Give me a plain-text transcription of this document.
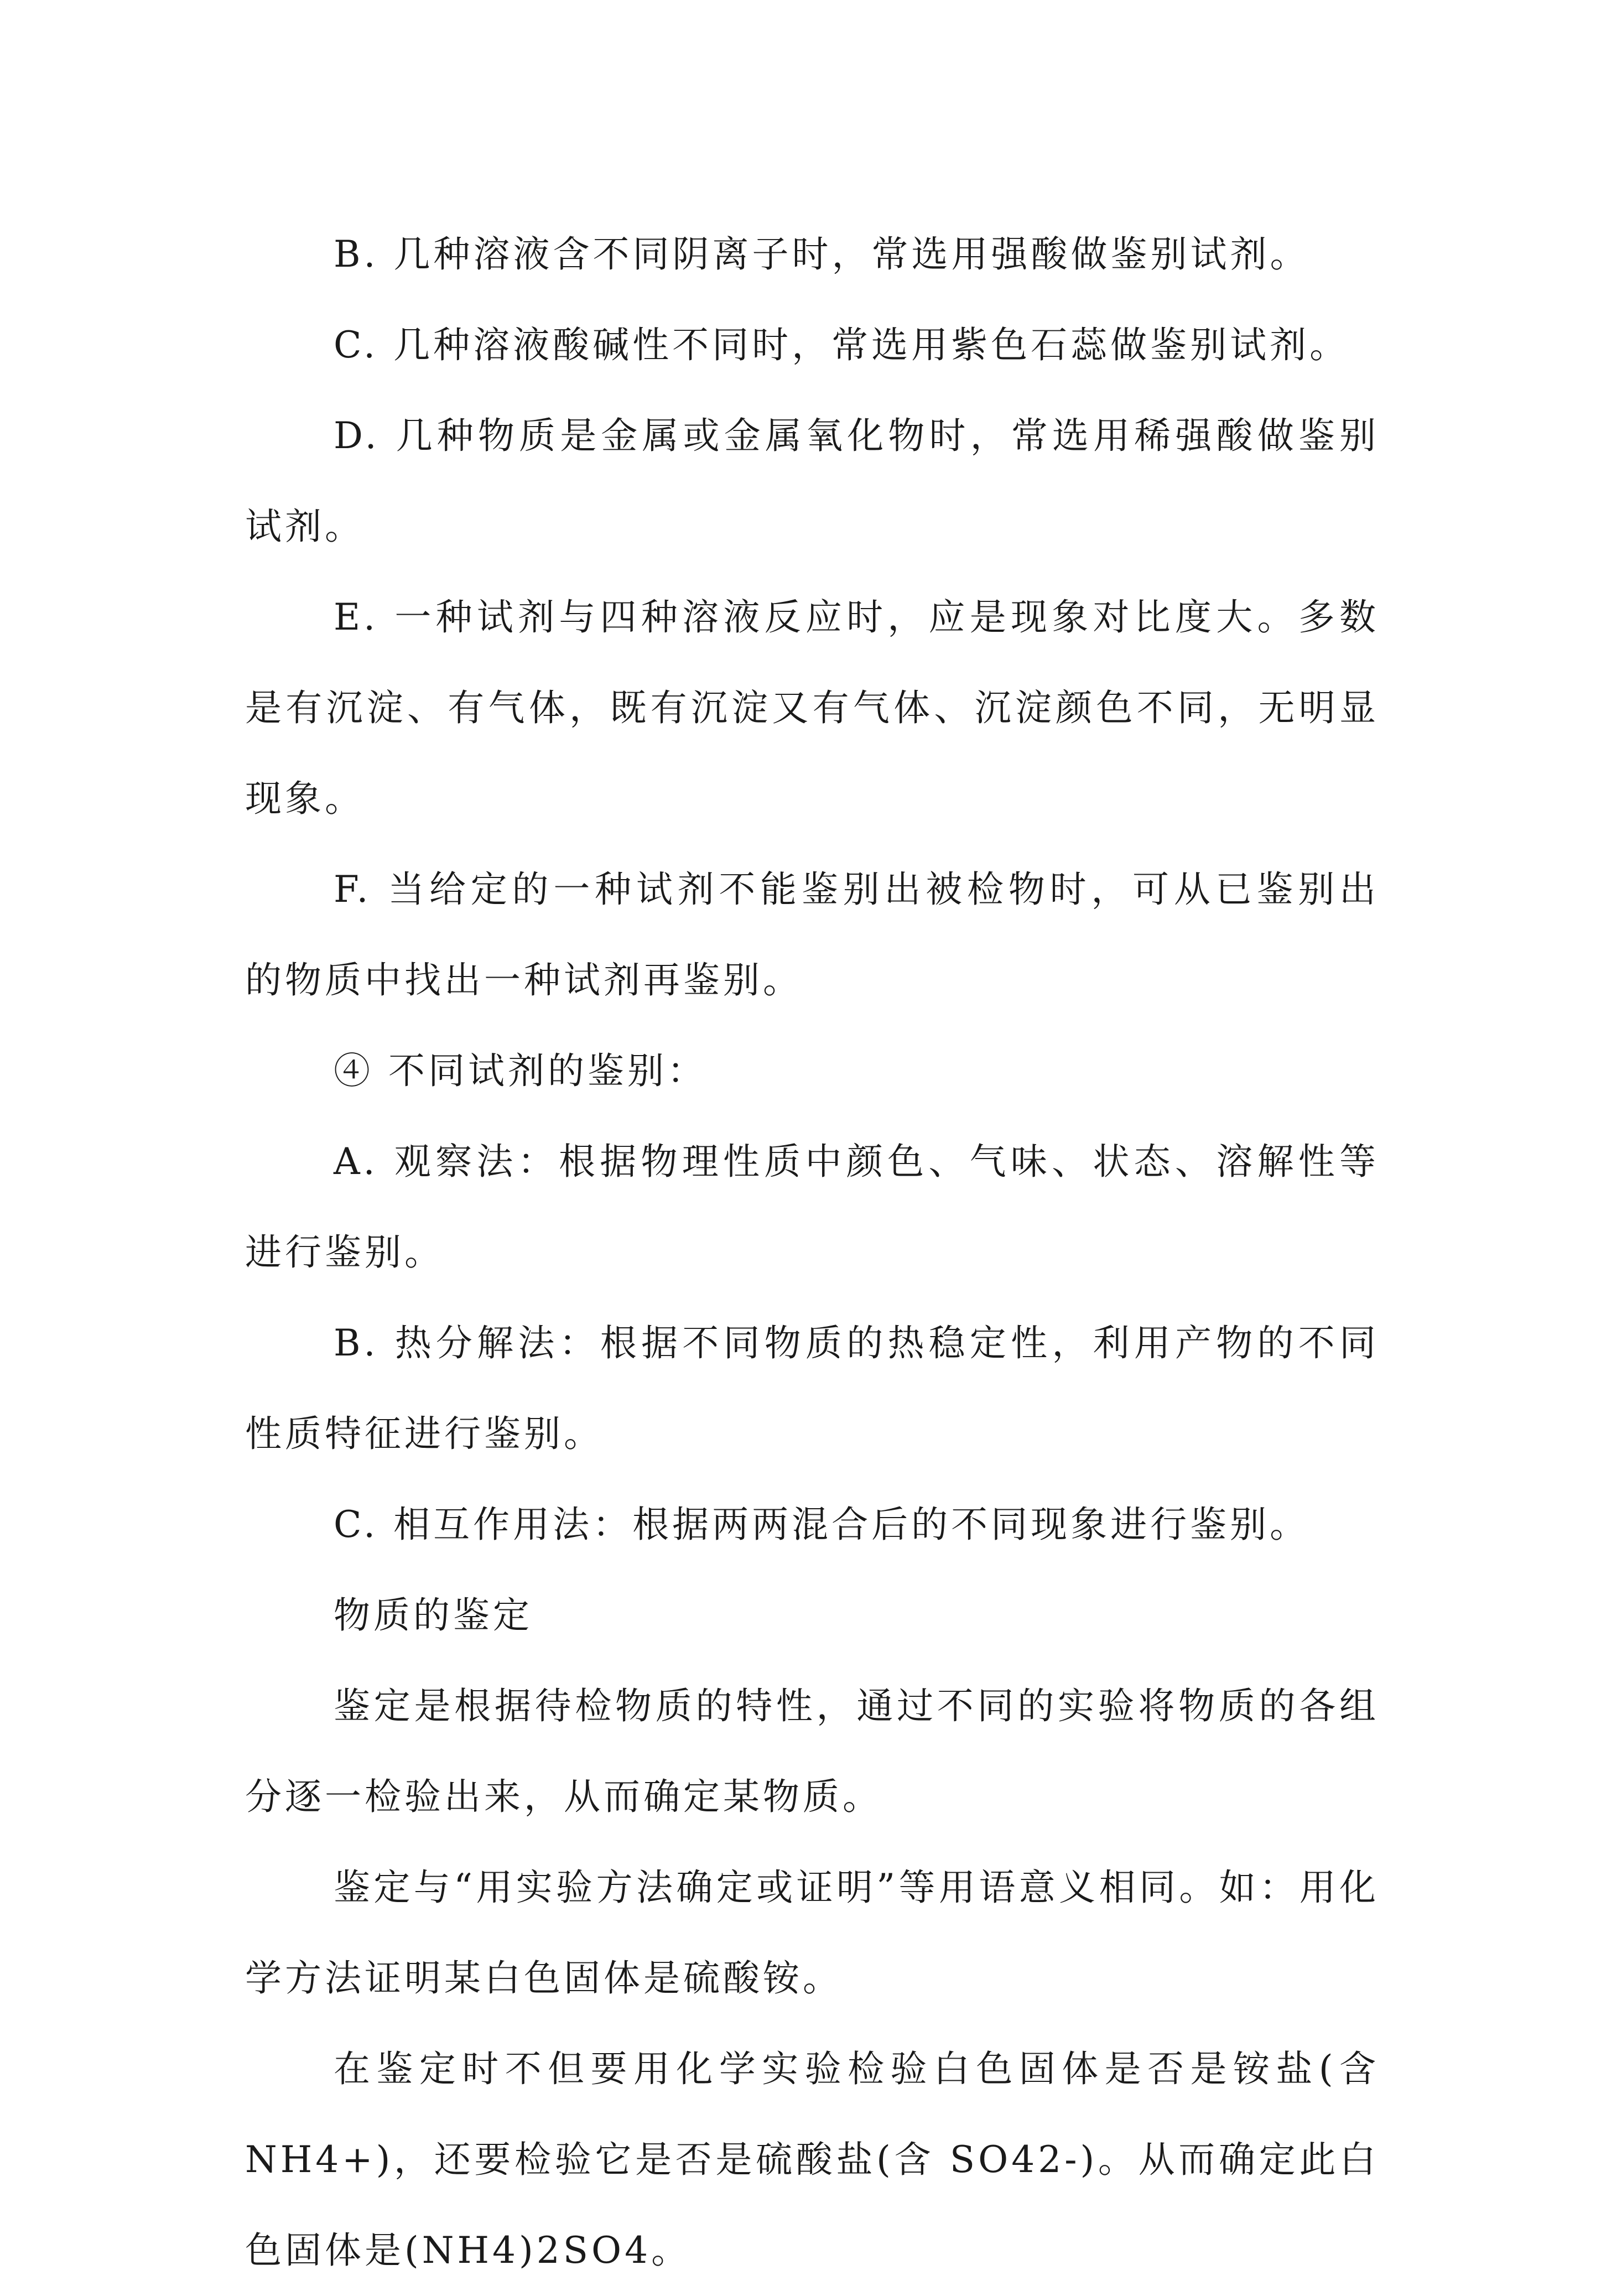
B. 几种溶液含不同阴离子时，常选用强酸做鉴别试剂。

C. 几种溶液酸碱性不同时，常选用紫色石蕊做鉴别试剂。

D. 几种物质是金属或金属氧化物时，常选用稀强酸做鉴别试剂。

E. 一种试剂与四种溶液反应时，应是现象对比度大。多数是有沉淀、有气体，既有沉淀又有气体、沉淀颜色不同，无明显现象。

F. 当给定的一种试剂不能鉴别出被检物时，可从已鉴别出的物质中找出一种试剂再鉴别。

④ 不同试剂的鉴别：

A. 观察法：根据物理性质中颜色、气味、状态、溶解性等进行鉴别。

B. 热分解法：根据不同物质的热稳定性，利用产物的不同性质特征进行鉴别。

C. 相互作用法：根据两两混合后的不同现象进行鉴别。

物质的鉴定

鉴定是根据待检物质的特性，通过不同的实验将物质的各组分逐一检验出来，从而确定某物质。

鉴定与“用实验方法确定或证明”等用语意义相同。如：用化学方法证明某白色固体是硫酸铵。

在鉴定时不但要用化学实验检验白色固体是否是铵盐(含 NH4+)，还要检验它是否是硫酸盐(含 SO42-)。从而确定此白色固体是(NH4)2SO4。
